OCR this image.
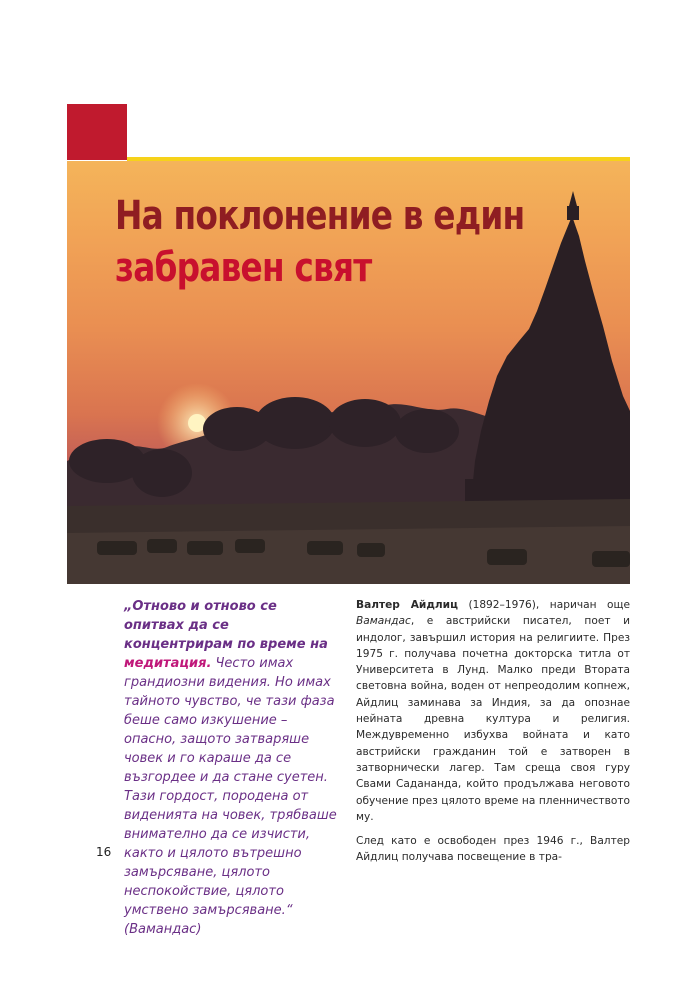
На поклонение в един
забравен свят
„Отново и отново се опитвах да се концентрирам по време на медитация. Често имах грандиозни видения. Но имах тайното чувство, че тази фаза беше само изкушение – опасно, защото затваряше човек и го караше да се възгордее и да стане суетен. Тази гордост, породена от виденията на човек, трябваше внимателно да се изчисти, както и цялото вътрешно замърсяване, цялото неспокойствие, цялото умствено замърсяване.“ (Вамандас)

Валтер Айдлиц (1892–1976), наричан още Вамандас, е австрийски писател, поет и индолог, завършил история на религиите. През 1975 г. получава почетна докторска титла от Университета в Лунд. Малко преди Втората световна война, воден от непреодолим копнеж, Айдлиц заминава за Индия, за да опознае нейната древна култура и религия. Междувременно избухва войната и като австрийски гражданин той е затворен в затворнически лагер. Там среща своя гуру Свами Садананда, който продължава неговото обучение през цялото време на пленничеството му.

След като е освободен през 1946 г., Валтер Айдлиц получава посвещение в тра-

16
